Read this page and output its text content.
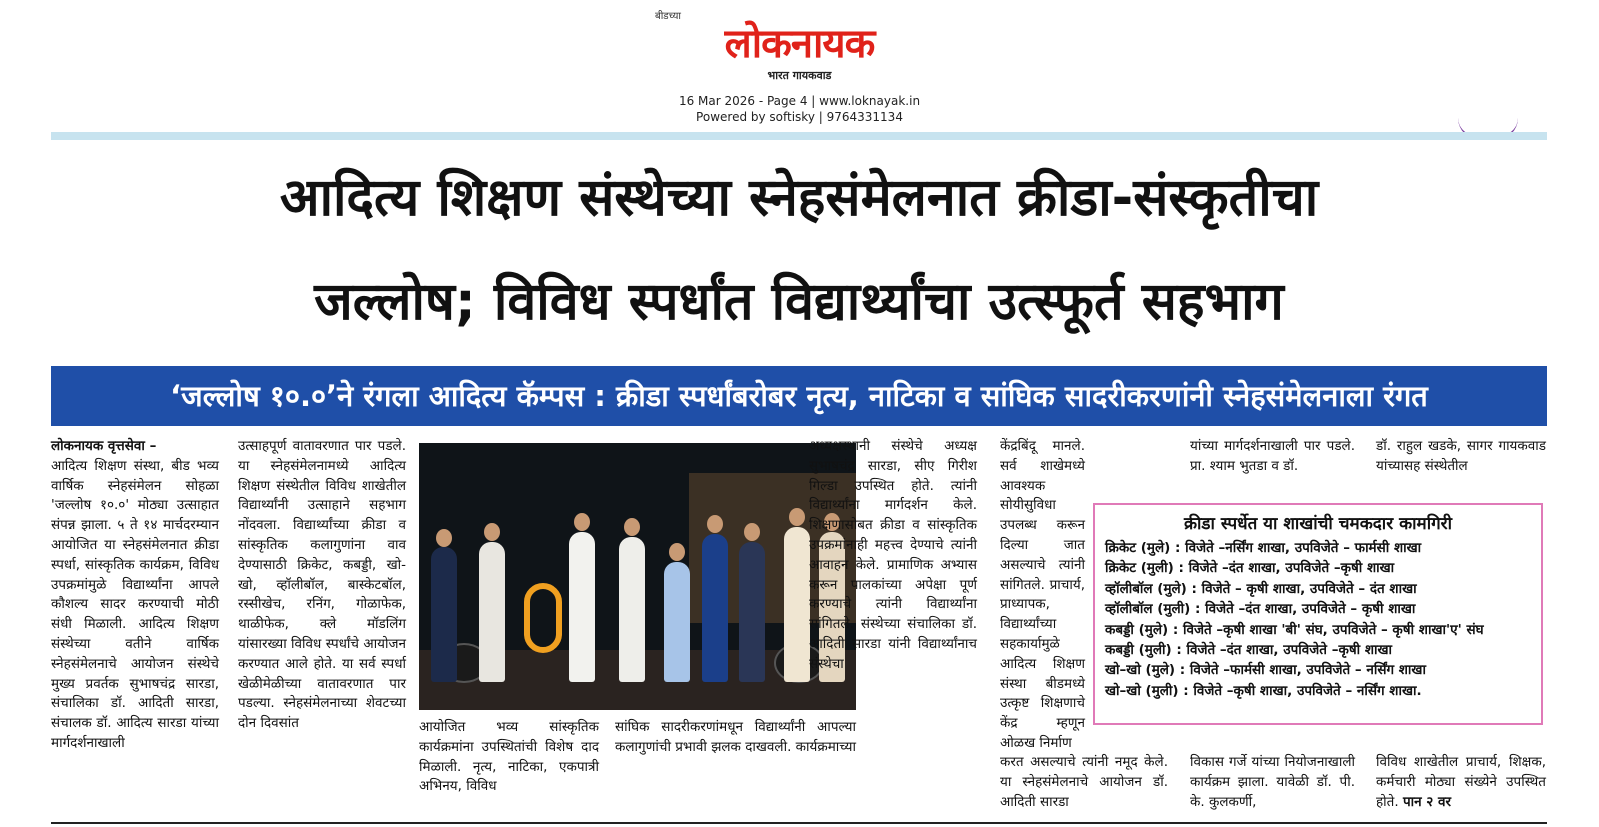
बीडच्या
लोकनायक
भारत गायकवाड
16 Mar 2026 - Page 4 | www.loknayak.in
Powered by softisky | 9764331134
आदित्य शिक्षण संस्थेच्या स्नेहसंमेलनात क्रीडा-संस्कृतीचा
जल्लोष; विविध स्पर्धांत विद्यार्थ्यांचा उत्स्फूर्त सहभाग
‘जल्लोष १०.०’ने रंगला आदित्य कॅम्पस : क्रीडा स्पर्धांबरोबर नृत्य, नाटिका व सांघिक सादरीकरणांनी स्नेहसंमेलनाला रंगत

लोकनायक वृत्तसेवा –

आदित्य शिक्षण संस्था, बीड भव्य वार्षिक स्नेहसंमेलन सोहळा 'जल्लोष १०.०' मोठ्या उत्साहात संपन्न झाला. ५ ते १४ मार्चदरम्यान आयोजित या स्नेहसंमेलनात क्रीडा स्पर्धा, सांस्कृतिक कार्यक्रम, विविध उपक्रमांमुळे विद्यार्थ्यांना आपले कौशल्य सादर करण्याची मोठी संधी मिळाली. आदित्य शिक्षण संस्थेच्या वतीने वार्षिक स्नेहसंमेलनाचे आयोजन संस्थेचे मुख्य प्रवर्तक सुभाषचंद्र सारडा, संचालिका डॉ. आदिती सारडा, संचालक डॉ. आदित्य सारडा यांच्या मार्गदर्शनाखाली

उत्साहपूर्ण वातावरणात पार पडले. या स्नेहसंमेलनामध्ये आदित्य शिक्षण संस्थेतील विविध शाखेतील विद्यार्थ्यांनी उत्साहाने सहभाग नोंदवला. विद्यार्थ्यांच्या क्रीडा व सांस्कृतिक कलागुणांना वाव देण्यासाठी क्रिकेट, कबड्डी, खो-खो, व्हॉलीबॉल, बास्केटबॉल, रस्सीखेच, रनिंग, गोळाफेक, थाळीफेक, क्ले मॉडलिंग यांसारख्या विविध स्पर्धांचे आयोजन करण्यात आले होते. या सर्व स्पर्धा खेळीमेळीच्या वातावरणात पार पडल्या. स्नेहसंमेलनाच्या शेवटच्या दोन दिवसांत	आयोजित भव्य सांस्कृतिक कार्यक्रमांना उपस्थितांची विशेष दाद मिळाली. नृत्य, नाटिका, एकपात्री अभिनय, विविध
सांघिक सादरीकरणांमधून विद्यार्थ्यांनी आपल्या कलागुणांची प्रभावी झलक दाखवली. कार्यक्रमाच्या

अध्यक्षस्थानी संस्थेचे अध्यक्ष सुभाषचंद्र सारडा, सीए गिरीश गिल्डा उपस्थित होते. त्यांनी विद्यार्थ्यांना मार्गदर्शन केले. शिक्षणासोबत क्रीडा व सांस्कृतिक उपक्रमांनाही महत्त्व देण्याचे त्यांनी आवाहन केले. प्रामाणिक अभ्यास करून पालकांच्या अपेक्षा पूर्ण करण्याचे त्यांनी विद्यार्थ्यांना सांगितले. संस्थेच्या संचालिका डॉ. आदिती सारडा यांनी विद्यार्थ्यांनाच संस्थेचा

केंद्रबिंदू मानले. सर्व शाखेमध्ये आवश्यक सोयीसुविधा उपलब्ध करून दिल्या जात असल्याचे त्यांनी सांगितले. प्राचार्य, प्राध्यापक, विद्यार्थ्यांच्या सहकार्यामुळे आदित्य शिक्षण संस्था बीडमध्ये उत्कृष्ट शिक्षणाचे केंद्र म्हणून ओळख निर्माण

यांच्या मार्गदर्शनाखाली पार पडले. प्रा. श्याम भुतडा व डॉ.

डॉ. राहुल खडके, सागर गायकवाड यांच्यासह संस्थेतील

क्रीडा स्पर्धेत या शाखांची चमकदार कामगिरी
क्रिकेट (मुले) : विजेते –नर्सिंग शाखा, उपविजेते – फार्मसी शाखा
क्रिकेट (मुली) : विजेते –दंत शाखा, उपविजेते –कृषी शाखा
व्हॉलीबॉल (मुले) : विजेते – कृषी शाखा, उपविजेते – दंत शाखा
व्हॉलीबॉल (मुली) : विजेते –दंत शाखा, उपविजेते – कृषी शाखा
कबड्डी (मुले) : विजेते –कृषी शाखा 'बी' संघ, उपविजेते – कृषी शाखा'ए' संघ
कबड्डी (मुली) : विजेते –दंत शाखा, उपविजेते –कृषी शाखा
खो–खो (मुले) : विजेते –फार्मसी शाखा, उपविजेते – नर्सिंग शाखा
खो–खो (मुली) : विजेते –कृषी शाखा, उपविजेते – नर्सिंग शाखा.

करत असल्याचे त्यांनी नमूद केले. या स्नेहसंमेलनाचे आयोजन डॉ. आदिती सारडा

विकास गर्जे यांच्या नियोजनाखाली कार्यक्रम झाला. यावेळी डॉ. पी. के. कुलकर्णी,

विविध शाखेतील प्राचार्य, शिक्षक, कर्मचारी मोठ्या संख्येने उपस्थित होते. पान २ वर
